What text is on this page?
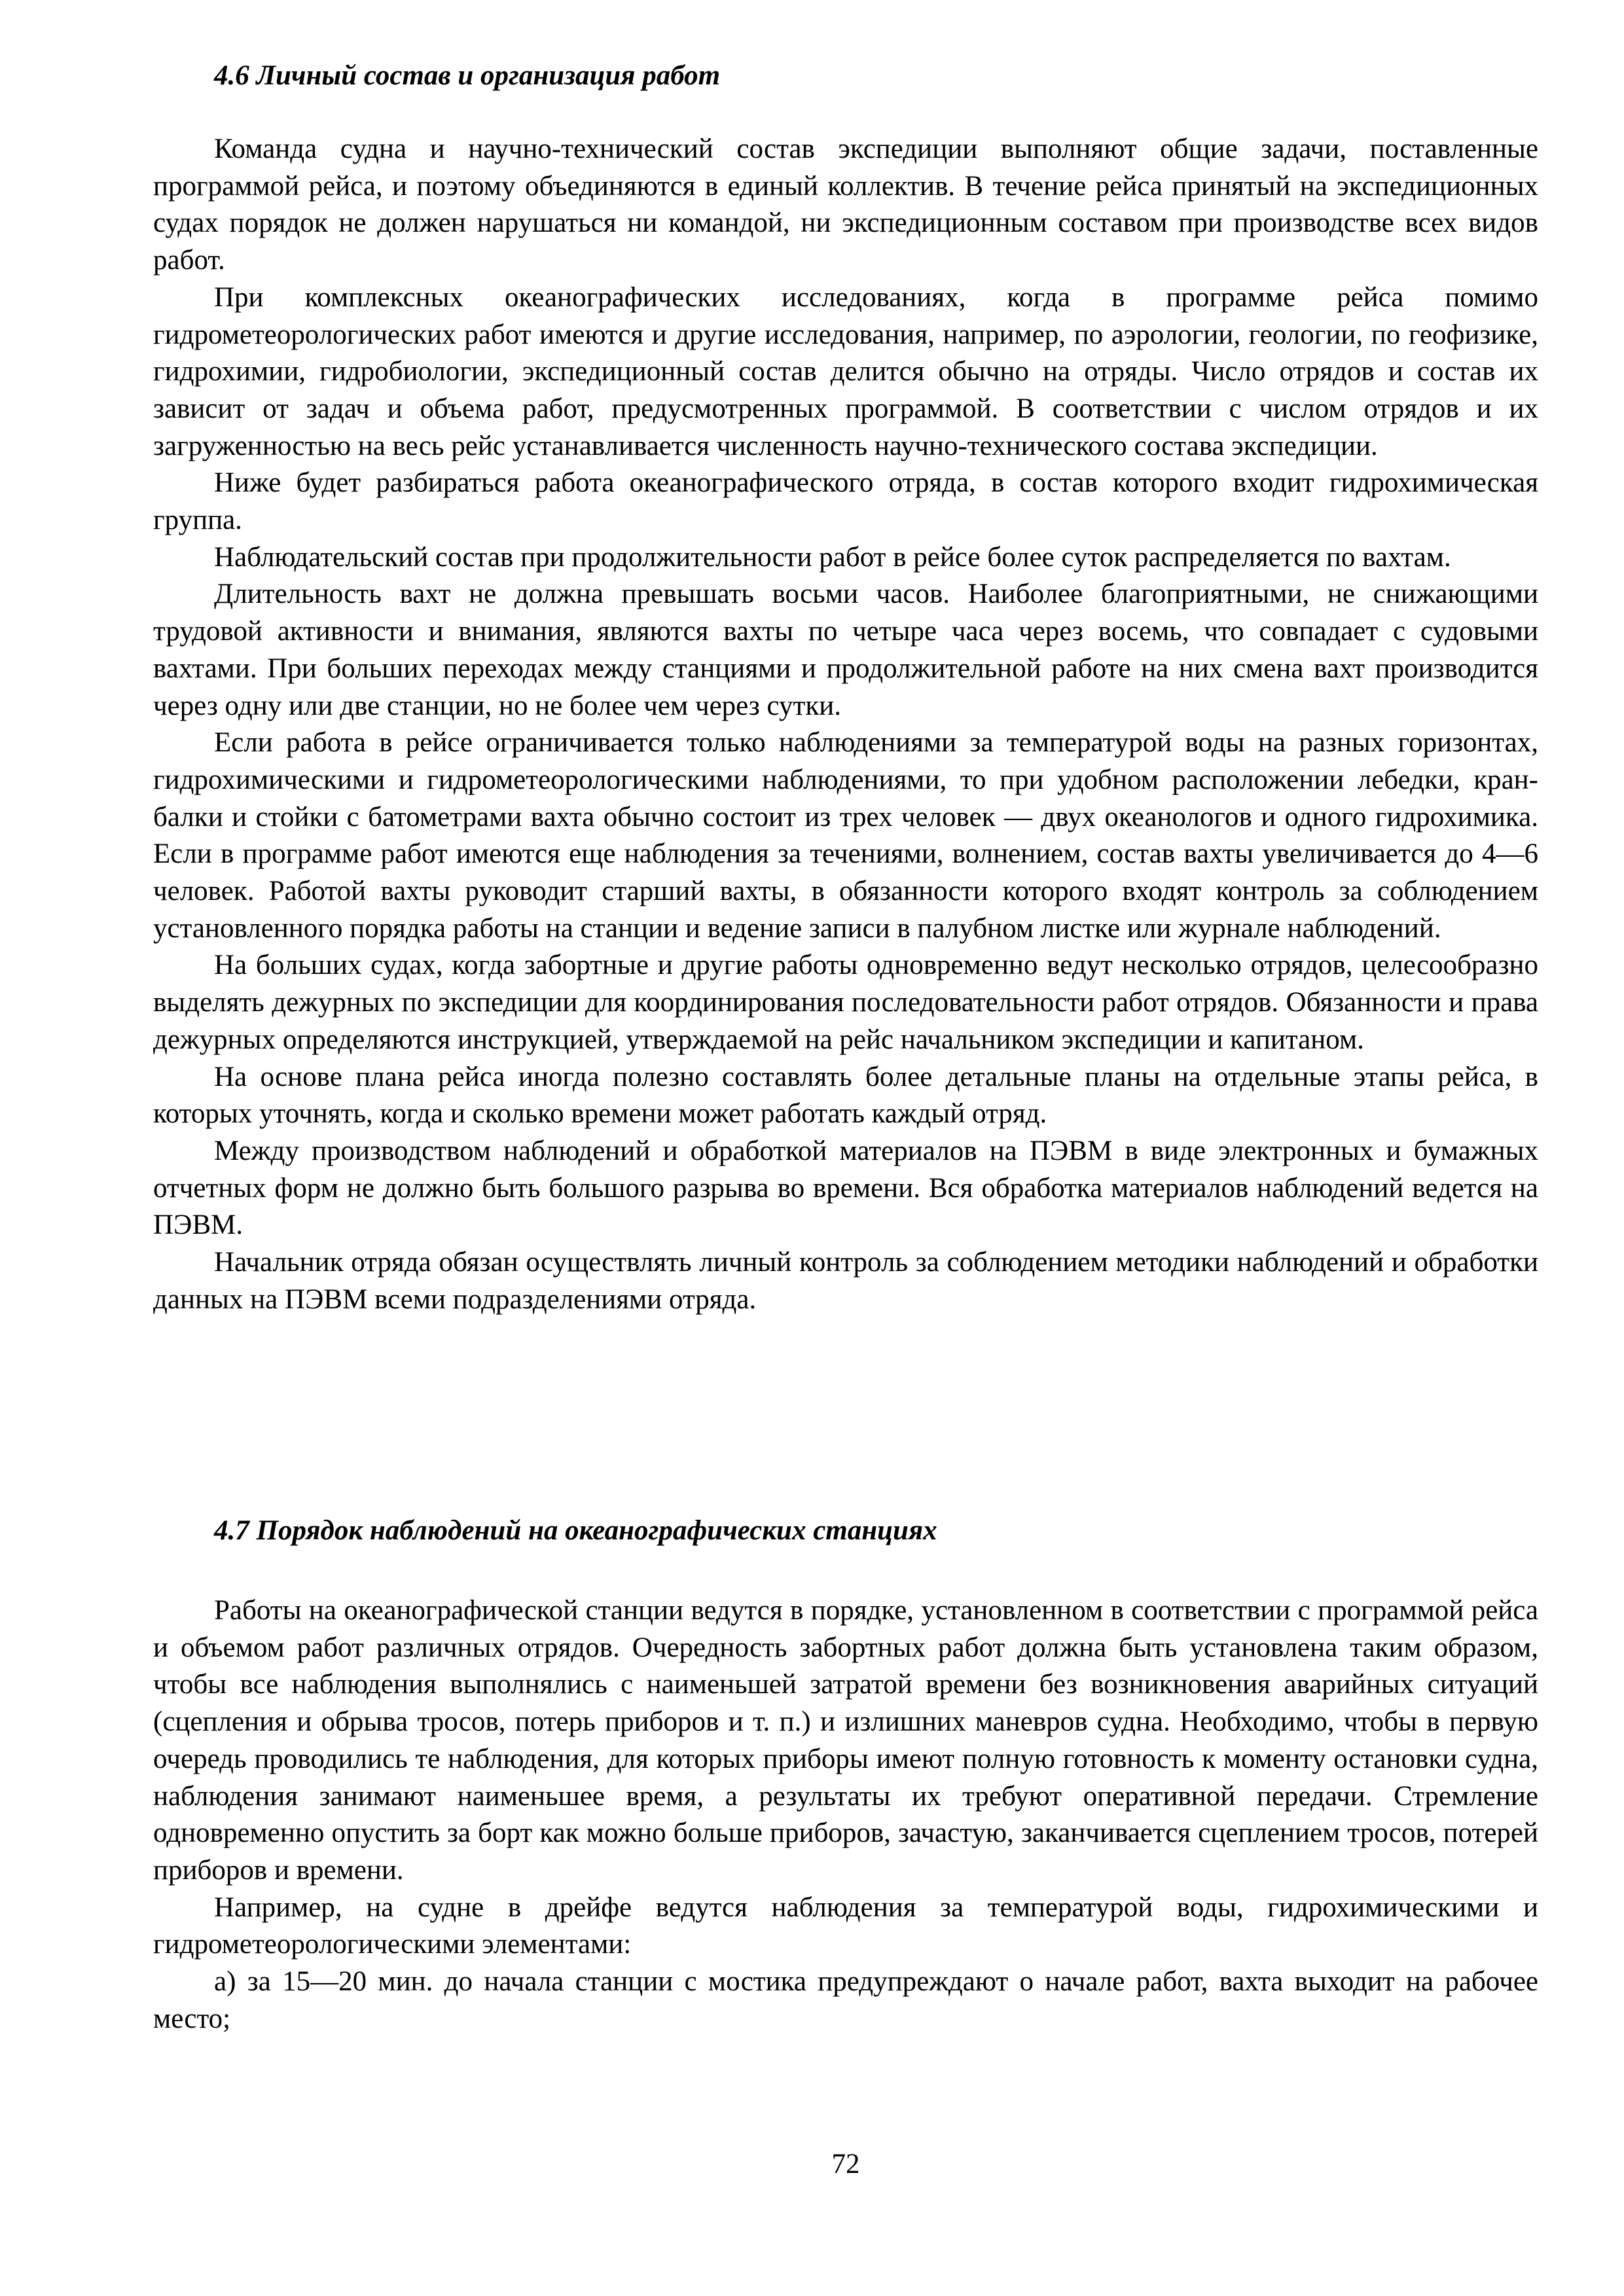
4.6 Личный состав и организация работ

Команда судна и научно-технический состав экспедиции выполняют общие задачи, поставленные программой рейса, и поэтому объединяются в единый коллектив. В течение рейса принятый на экспедиционных судах порядок не должен нарушаться ни командой, ни экспедиционным составом при производстве всех видов работ.

При комплексных океанографических исследованиях, когда в программе рейса помимо гидрометеорологических работ имеются и другие исследования, например, по аэрологии, геологии, по геофизике, гидрохимии, гидробиологии, экспедиционный состав делится обычно на отряды. Число отрядов и состав их зависит от задач и объема работ, предусмотренных программой. В соответствии с числом отрядов и их загруженностью на весь рейс устанавливается численность научно-технического состава экспедиции.

Ниже будет разбираться работа океанографического отряда, в состав которого входит гидрохимическая группа.

Наблюдательский состав при продолжительности работ в рейсе более суток распределяется по вахтам.

Длительность вахт не должна превышать восьми часов. Наиболее благоприятными, не снижающими трудовой активности и внимания, являются вахты по четыре часа через восемь, что совпадает с судовыми вахтами. При больших переходах между станциями и продолжительной работе на них смена вахт производится через одну или две станции, но не более чем через сутки.

Если работа в рейсе ограничивается только наблюдениями за температурой воды на разных горизонтах, гидрохимическими и гидрометеорологическими наблюдениями, то при удобном расположении лебедки, кран-балки и стойки с батометрами вахта обычно состоит из трех человек — двух океанологов и одного гидрохимика. Если в программе работ имеются еще наблюдения за течениями, волнением, состав вахты увеличивается до 4—6 человек. Работой вахты руководит старший вахты, в обязанности которого входят контроль за соблюдением установленного порядка работы на станции и ведение записи в палубном листке или журнале наблюдений.

На больших судах, когда забортные и другие работы одновременно ведут несколько отрядов, целесообразно выделять дежурных по экспедиции для координирования последовательности работ отрядов. Обязанности и права дежурных определяются инструкцией, утверждаемой на рейс начальником экспедиции и капитаном.

На основе плана рейса иногда полезно составлять более детальные планы на отдельные этапы рейса, в которых уточнять, когда и сколько времени может работать каждый отряд.

Между производством наблюдений и обработкой материалов на ПЭВМ в виде электронных и бумажных отчетных форм не должно быть большого разрыва во времени. Вся обработка материалов наблюдений ведется на ПЭВМ.

Начальник отряда обязан осуществлять личный контроль за соблюдением методики наблюдений и обработки данных на ПЭВМ всеми подразделениями отряда.

4.7 Порядок наблюдений на океанографических станциях

Работы на океанографической станции ведутся в порядке, установленном в соответствии с программой рейса и объемом работ различных отрядов. Очередность забортных работ должна быть установлена таким образом, чтобы все наблюдения выполнялись с наименьшей затратой времени без возникновения аварийных ситуаций (сцепления и обрыва тросов, потерь приборов и т. п.) и излишних маневров судна. Необходимо, чтобы в первую очередь проводились те наблюдения, для которых приборы имеют полную готовность к моменту остановки судна, наблюдения занимают наименьшее время, а результаты их требуют оперативной передачи. Стремление одновременно опустить за борт как можно больше приборов, зачастую, заканчивается сцеплением тросов, потерей приборов и времени.

Например, на судне в дрейфе ведутся наблюдения за температурой воды, гидрохимическими и гидрометеорологическими элементами:

а) за 15—20 мин. до начала станции с мостика предупреждают о начале работ, вахта выходит на рабочее место;

72
